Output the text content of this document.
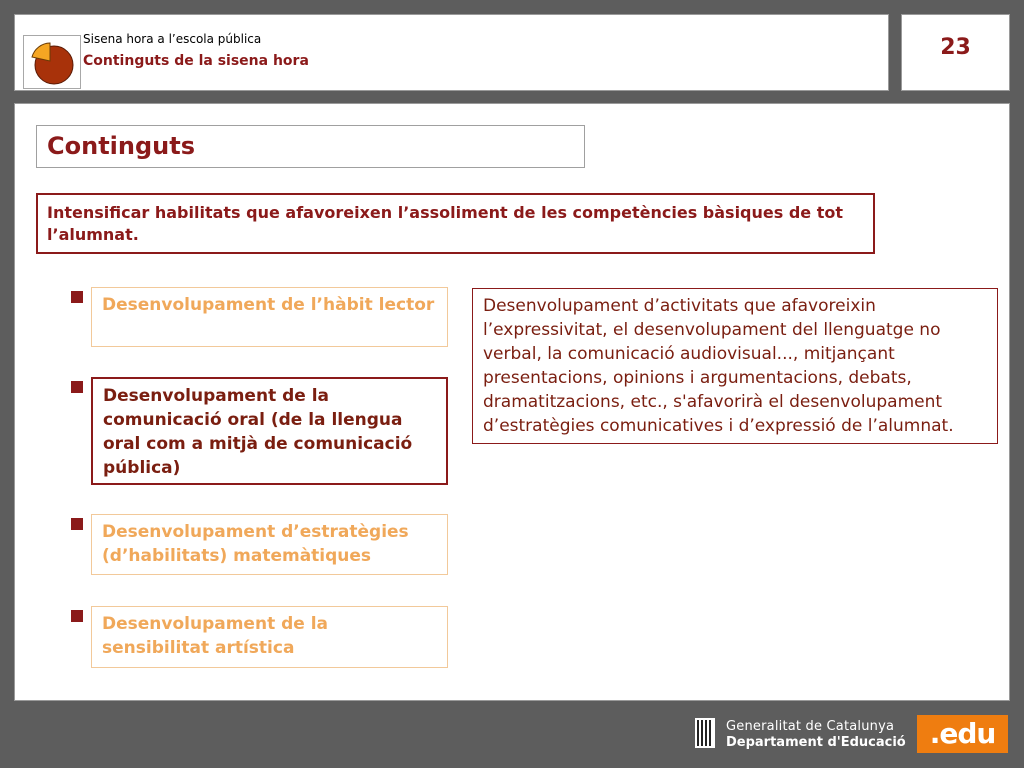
Sisena hora a l’escola pública
Continguts de la sisena hora
23
Continguts
Intensificar habilitats que afavoreixen l’assoliment de les competències bàsiques de tot l’alumnat.
Desenvolupament de l’hàbit lector
Desenvolupament de la comunicació oral (de la llengua oral com a mitjà de comunicació pública)
Desenvolupament d’estratègies (d’habilitats) matemàtiques
Desenvolupament de la sensibilitat artística
Desenvolupament d’activitats que afavoreixin l’expressivitat, el desenvolupament del llenguatge no verbal, la comunicació audiovisual..., mitjançant presentacions, opinions i argumentacions, debats, dramatitzacions, etc., s'afavorirà el desenvolupament d’estratègies comunicatives i d’expressió de l’alumnat.
Generalitat de Catalunya
Departament d'Educació .edu
